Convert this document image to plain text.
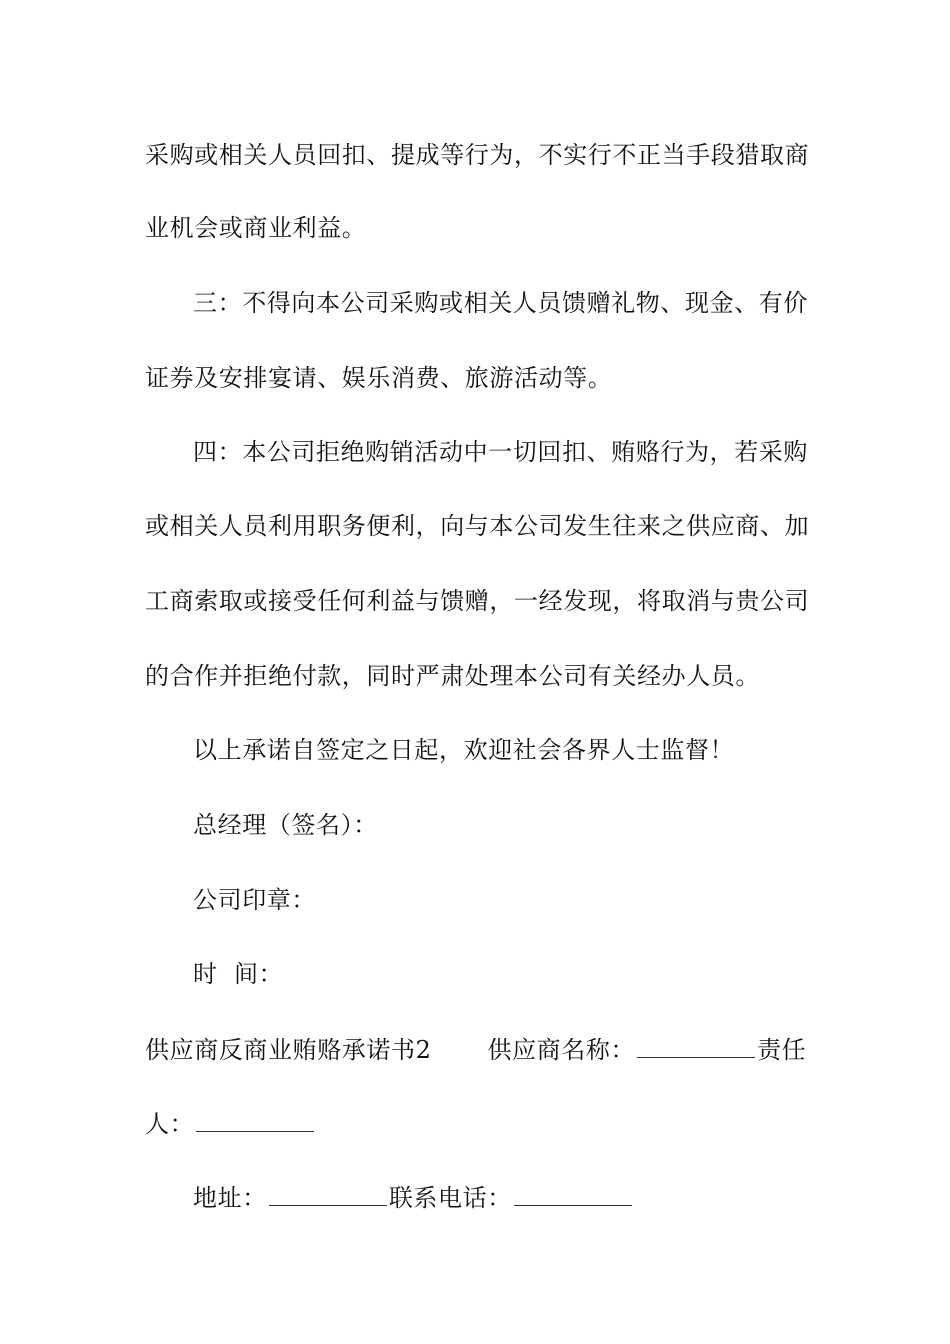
采购或相关人员回扣、提成等行为，不实行不正当手段猎取商
业机会或商业利益。
三：不得向本公司采购或相关人员馈赠礼物、现金、有价
证券及安排宴请、娱乐消费、旅游活动等。
四：本公司拒绝购销活动中一切回扣、贿赂行为，若采购
或相关人员利用职务便利，向与本公司发生往来之供应商、加
工商索取或接受任何利益与馈赠，一经发现，将取消与贵公司
的合作并拒绝付款，同时严肃处理本公司有关经办人员。
以上承诺自签定之日起，欢迎社会各界人士监督！
总经理（签名）：
公司印章：
时  间：
供应商反商业贿赂承诺书2 供应商名称：	责任
人：
地址：	联系电话：
